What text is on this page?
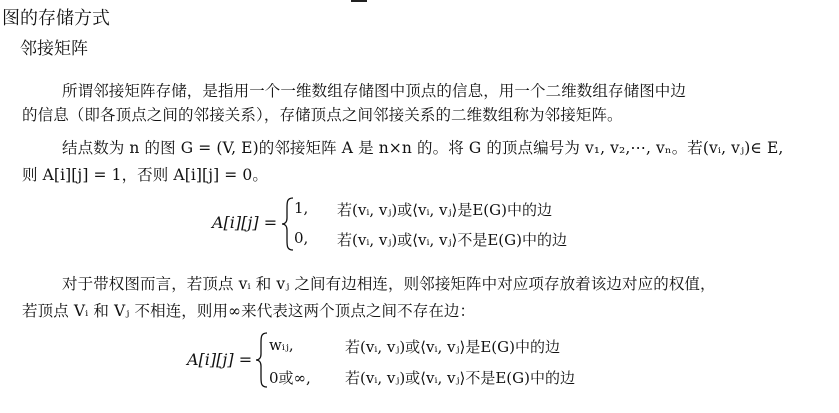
图的存储方式
邻接矩阵
所谓邻接矩阵存储，是指用一个一维数组存储图中顶点的信息，用一个二维数组存储图中边
的信息（即各顶点之间的邻接关系），存储顶点之间邻接关系的二维数组称为邻接矩阵。
结点数为 n 的图 G = (V, E)的邻接矩阵 A 是 n×n 的。将 G 的顶点编号为 v₁, v₂,⋯, vₙ。若(vᵢ, vⱼ)∈ E,
则 A[i][j] = 1，否则 A[i][j] = 0。
A[i][j] =
1, 若(vᵢ, vⱼ)或⟨vᵢ, vⱼ⟩是E(G)中的边
0, 若(vᵢ, vⱼ)或⟨vᵢ, vⱼ⟩不是E(G)中的边
对于带权图而言，若顶点 vᵢ 和 vⱼ 之间有边相连，则邻接矩阵中对应项存放着该边对应的权值，
若顶点 Vᵢ 和 Vⱼ 不相连，则用∞来代表这两个顶点之间不存在边：
A[i][j] =
wᵢⱼ,	若(vᵢ, vⱼ)或⟨vᵢ, vⱼ⟩是E(G)中的边
0或∞, 若(vᵢ, vⱼ)或⟨vᵢ, vⱼ⟩不是E(G)中的边
